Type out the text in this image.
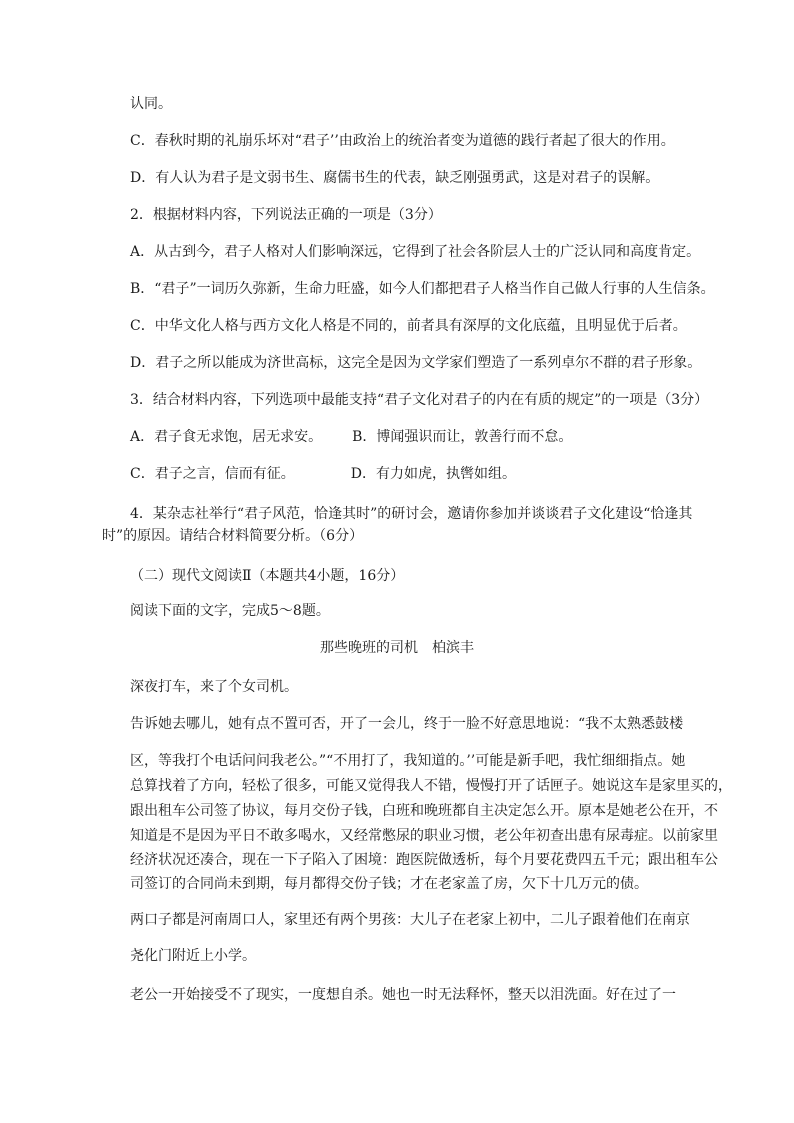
认同。
C．春秋时期的礼崩乐坏对“君子’’由政治上的统治者变为道德的践行者起了很大的作用。
D．有人认为君子是文弱书生、腐儒书生的代表，缺乏刚强勇武，这是对君子的误解。
2．根据材料内容，下列说法正确的一项是（3分）
A．从古到今，君子人格对人们影响深远，它得到了社会各阶层人士的广泛认同和高度肯定。
B．“君子”一词历久弥新，生命力旺盛，如今人们都把君子人格当作自己做人行事的人生信条。
C．中华文化人格与西方文化人格是不同的，前者具有深厚的文化底蕴，且明显优于后者。
D．君子之所以能成为济世高标，这完全是因为文学家们塑造了一系列卓尔不群的君子形象。
3．结合材料内容，下列选项中最能支持“君子文化对君子的内在有质的规定”的一项是（3分）
A．君子食无求饱，居无求安。 B．博闻强识而让，敦善行而不怠。
C．君子之言，信而有征。	D．有力如虎，执辔如组。
4．某杂志社举行“君子风范，恰逢其时”的研讨会，邀请你参加并谈谈君子文化建设“恰逢其
时”的原因。请结合材料简要分析。（6分）
（二）现代文阅读Ⅱ（本题共4小题，16分）
阅读下面的文字，完成5～8题。
那些晚班的司机　柏滨丰
深夜打车，来了个女司机。
告诉她去哪儿，她有点不置可否，开了一会儿，终于一脸不好意思地说：“我不太熟悉鼓楼
区，等我打个电话问问我老公。”“不用打了，我知道的。’’可能是新手吧，我忙细细指点。她
总算找着了方向，轻松了很多，可能又觉得我人不错，慢慢打开了话匣子。她说这车是家里买的，
跟出租车公司签了协议，每月交份子钱，白班和晚班都自主决定怎么开。原本是她老公在开，不
知道是不是因为平日不敢多喝水，又经常憋尿的职业习惯，老公年初查出患有尿毒症。以前家里
经济状况还凑合，现在一下子陷入了困境：跑医院做透析，每个月要花费四五千元；跟出租车公
司签订的合同尚未到期，每月都得交份子钱；才在老家盖了房，欠下十几万元的债。
两口子都是河南周口人，家里还有两个男孩：大儿子在老家上初中，二儿子跟着他们在南京
尧化门附近上小学。
老公一开始接受不了现实，一度想自杀。她也一时无法释怀，整天以泪洗面。好在过了一
